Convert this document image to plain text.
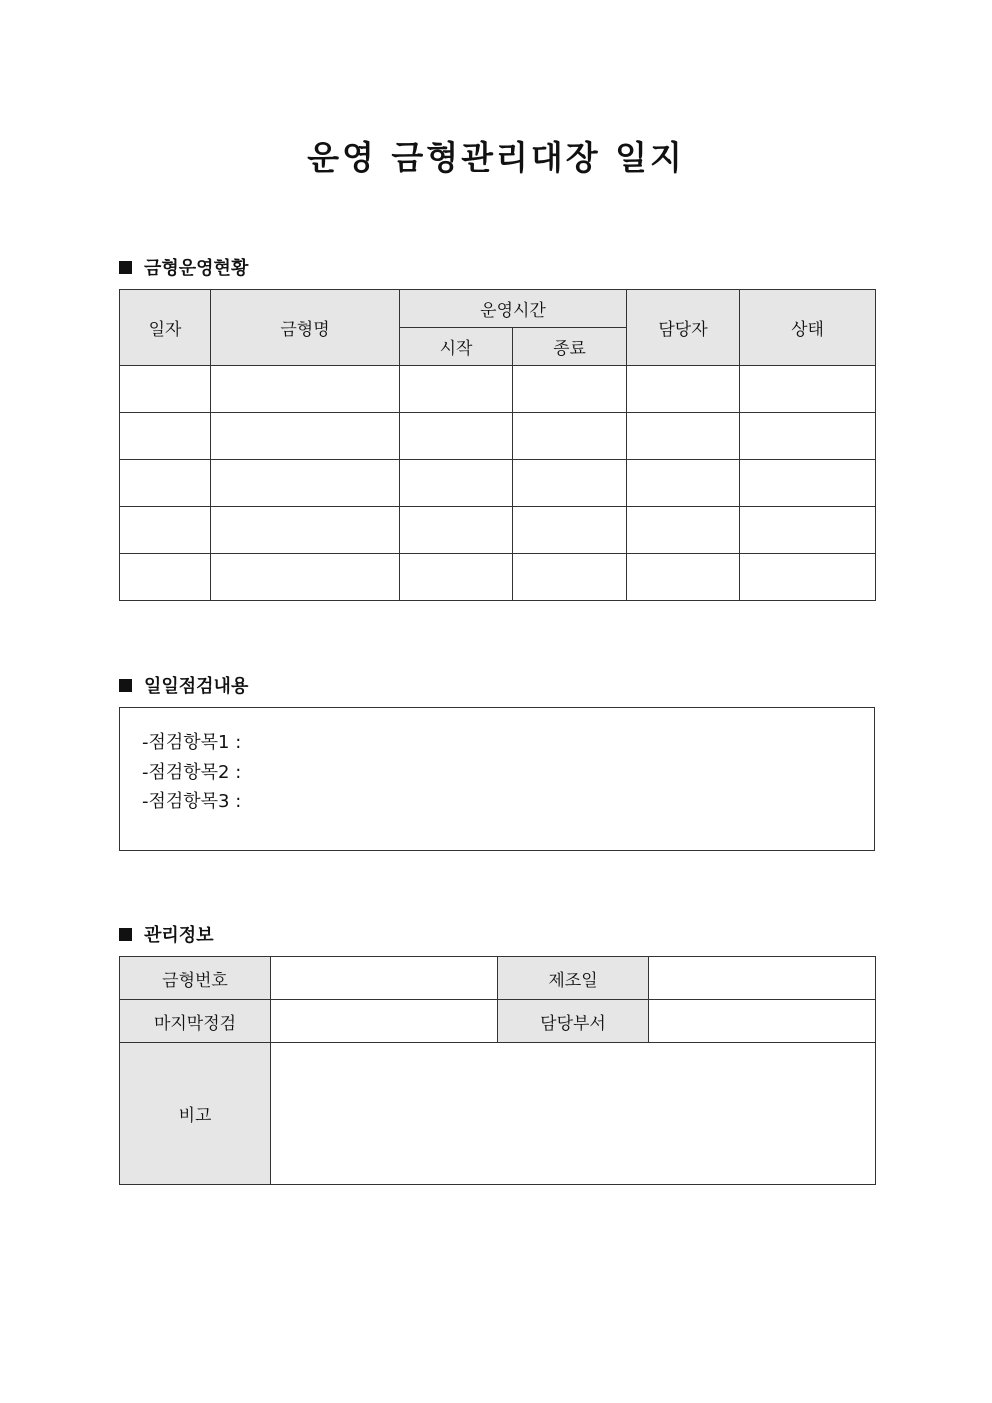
운영 금형관리대장 일지
금형운영현황
일자	금형명	운영시간		담당자	상태
		시작	종료		

일일점검내용
-점검항목1 :
-점검항목2 :
-점검항목3 :
관리정보
금형번호		제조일	
마지막정검		담당부서	
비고			
